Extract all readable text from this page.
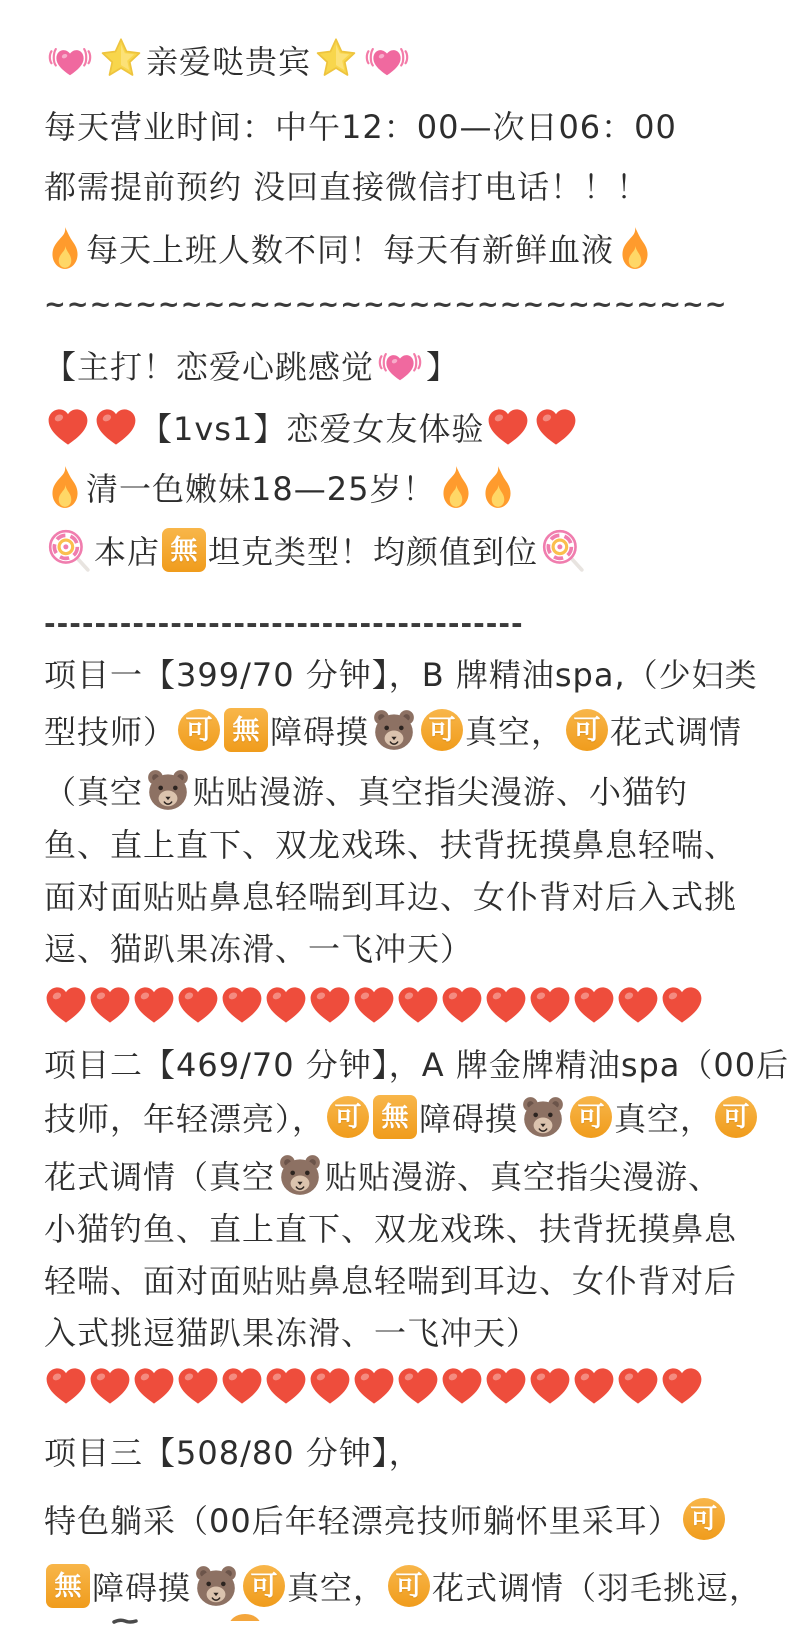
亲爱哒贵宾
每天营业时间：中午12：00—次日06：00
都需提前预约 没回直接微信打电话！！！
每天上班人数不同！每天有新鲜血液
~~~~~~~~~~~~~~~~~~~~~~~~~~~~~~
【主打！恋爱心跳感觉 】
【1vs1】恋爱女友体验
清一色嫩妹18—25岁！
本店 無 坦克类型！均颜值到位
--------------------------------------
项目一【399/70 分钟】，B 牌精油spa,（少妇类
型技师） 可 無 障碍摸 可 真空， 可 花式调情
（真空 贴贴漫游、真空指尖漫游、小猫钓
鱼、直上直下、双龙戏珠、扶背抚摸鼻息轻喘、
面对面贴贴鼻息轻喘到耳边、女仆背对后入式挑
逗、猫趴果冻滑、一飞冲天）
项目二【469/70 分钟】，A 牌金牌精油spa（00后
技师，年轻漂亮）， 可 無 障碍摸 可 真空， 可
花式调情（真空 贴贴漫游、真空指尖漫游、
小猫钓鱼、直上直下、双龙戏珠、扶背抚摸鼻息
轻喘、面对面贴贴鼻息轻喘到耳边、女仆背对后
入式挑逗猫趴果冻滑、一飞冲天）
项目三【508/80 分钟】，
特色躺采（00后年轻漂亮技师躺怀里采耳） 可
無 障碍摸 可 真空， 可 花式调情（羽毛挑逗，
